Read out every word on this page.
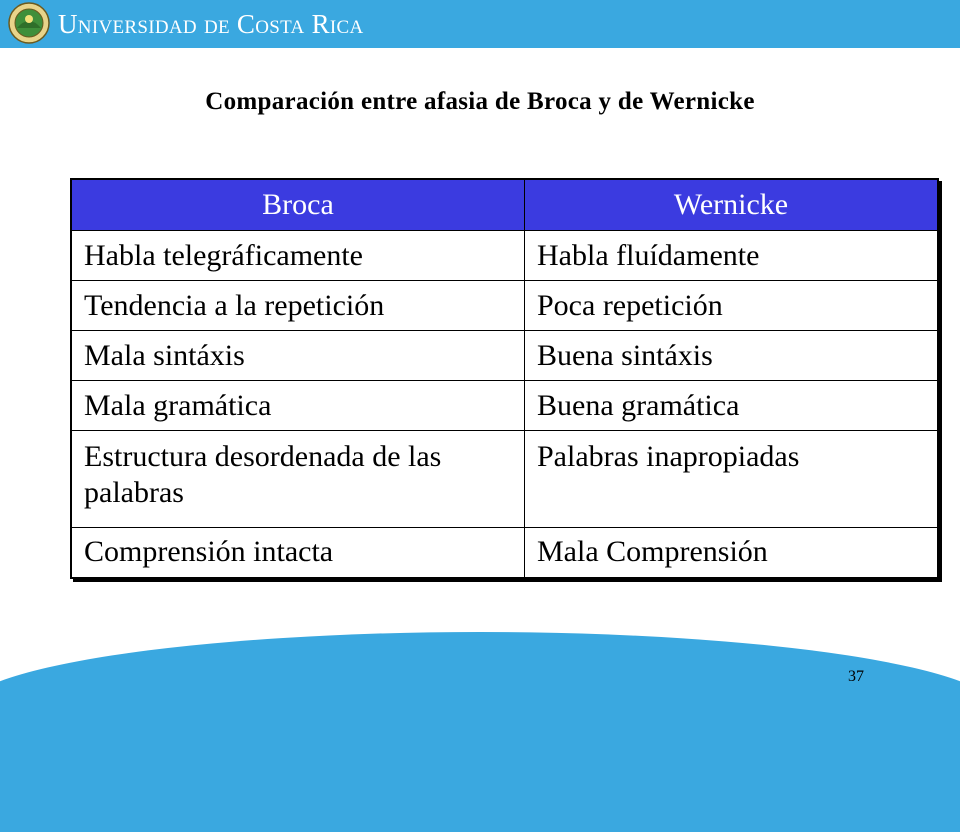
Universidad de Costa Rica
Comparación entre afasia de Broca y de Wernicke
Broca	Wernicke
Habla telegráficamente	Habla fluídamente
Tendencia a la repetición	Poca repetición
Mala sintáxis	Buena sintáxis
Mala gramática	Buena gramática
Estructura desordenada de las palabras	Palabras inapropiadas
Comprensión intacta	Mala Comprensión
37
